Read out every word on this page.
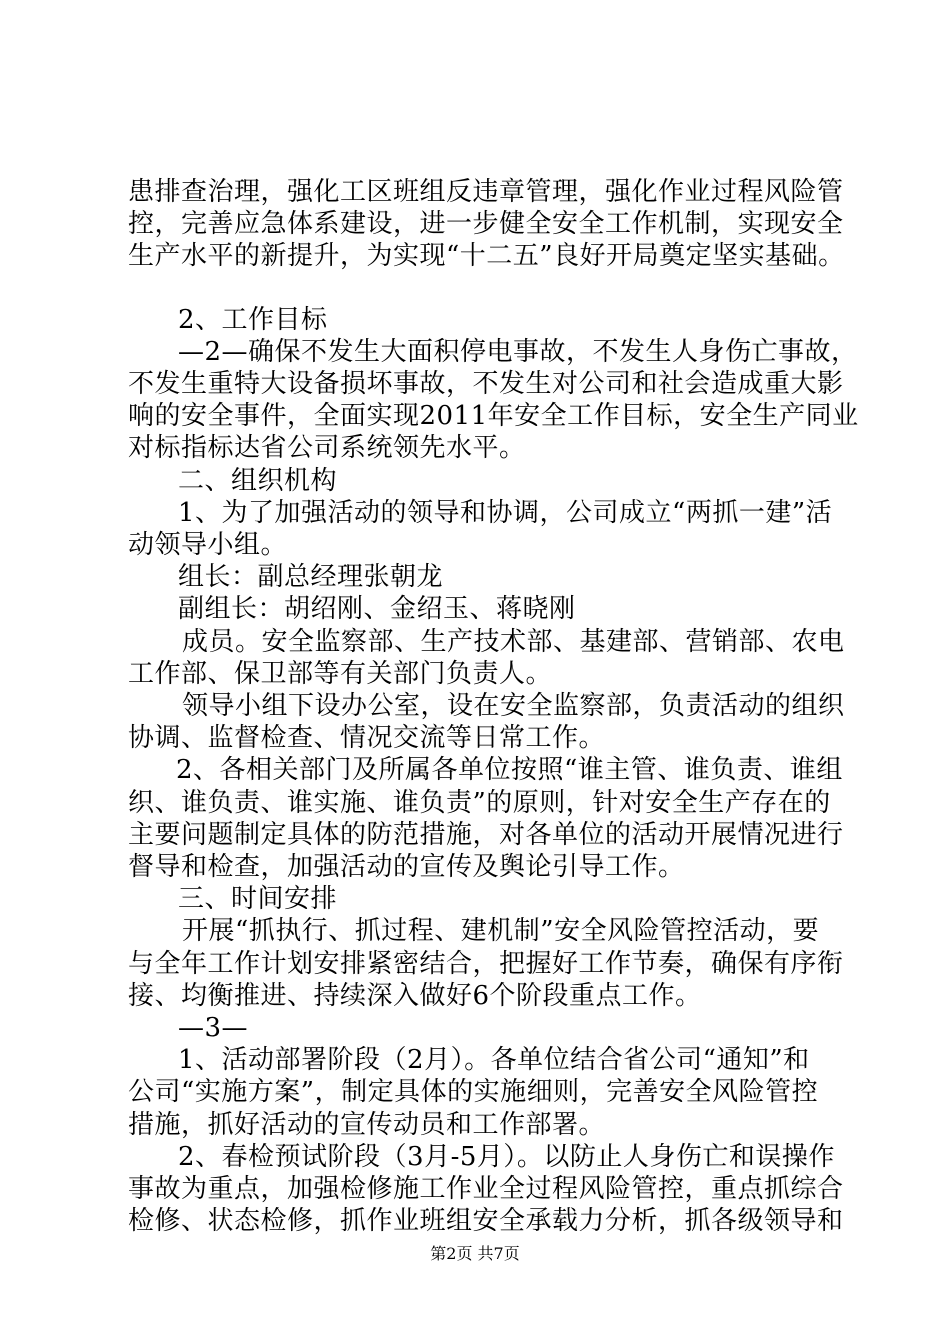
患排查治理，强化工区班组反违章管理，强化作业过程风险管
控，完善应急体系建设，进一步健全安全工作机制，实现安全
生产水平的新提升，为实现“十二五”良好开局奠定坚实基础。
2、工作目标
—2—确保不发生大面积停电事故，不发生人身伤亡事故，
不发生重特大设备损坏事故，不发生对公司和社会造成重大影
响的安全事件，全面实现2011年安全工作目标，安全生产同业
对标指标达省公司系统领先水平。
二、组织机构
1、为了加强活动的领导和协调，公司成立“两抓一建”活
动领导小组。
组长：副总经理张朝龙
副组长：胡绍刚、金绍玉、蒋晓刚
成员。安全监察部、生产技术部、基建部、营销部、农电
工作部、保卫部等有关部门负责人。
领导小组下设办公室，设在安全监察部，负责活动的组织
协调、监督检查、情况交流等日常工作。
2、各相关部门及所属各单位按照“谁主管、谁负责、谁组
织、谁负责、谁实施、谁负责”的原则，针对安全生产存在的
主要问题制定具体的防范措施，对各单位的活动开展情况进行
督导和检查，加强活动的宣传及舆论引导工作。
三、时间安排
开展“抓执行、抓过程、建机制”安全风险管控活动，要
与全年工作计划安排紧密结合，把握好工作节奏，确保有序衔
接、均衡推进、持续深入做好6个阶段重点工作。
—3—
1、活动部署阶段（2月）。各单位结合省公司“通知”和
公司“实施方案”，制定具体的实施细则，完善安全风险管控
措施，抓好活动的宣传动员和工作部署。
2、春检预试阶段（3月-5月）。以防止人身伤亡和误操作
事故为重点，加强检修施工作业全过程风险管控，重点抓综合
检修、状态检修，抓作业班组安全承载力分析，抓各级领导和
第2页 共7页
